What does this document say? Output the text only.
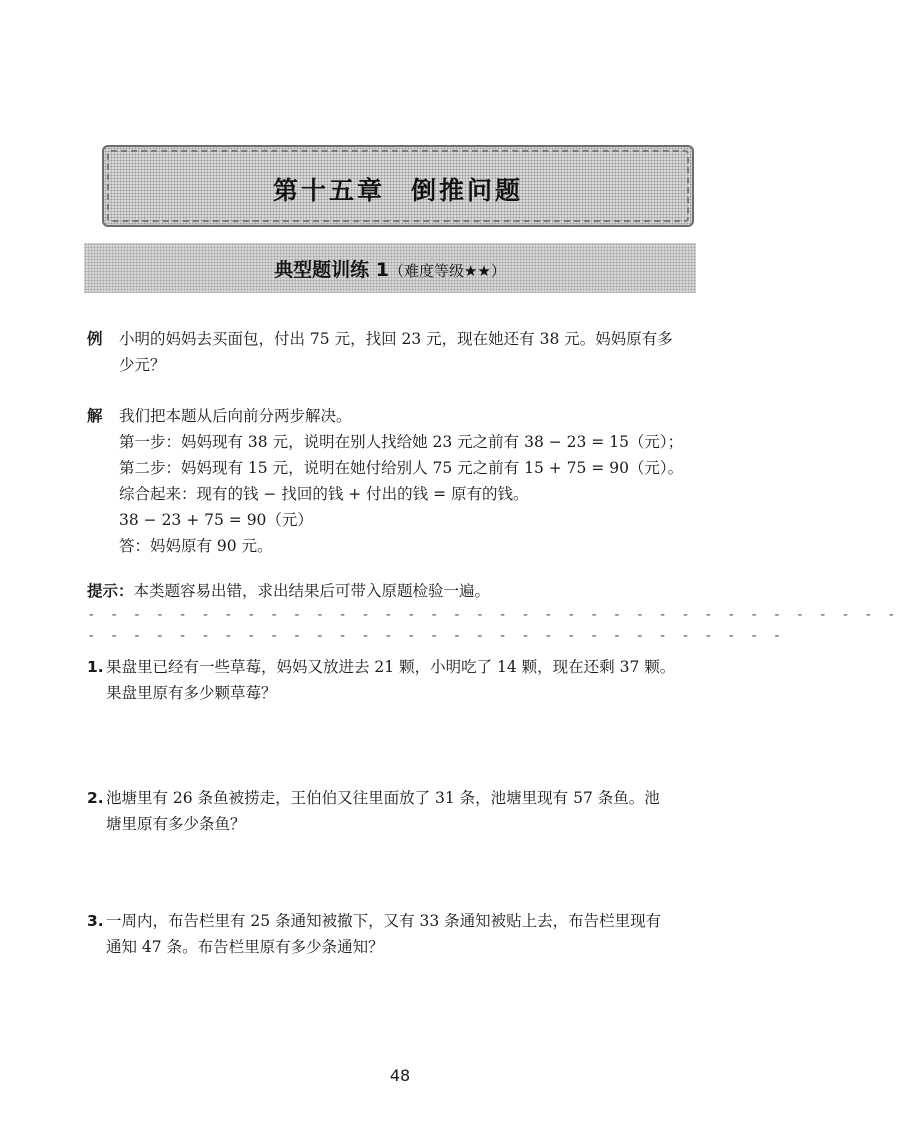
第十五章 倒推问题
典型题训练 1（难度等级★★）
例 小明的妈妈去买面包，付出 75 元，找回 23 元，现在她还有 38 元。妈妈原有多
少元？
解 我们把本题从后向前分两步解决。
第一步：妈妈现有 38 元，说明在别人找给她 23 元之前有 38 − 23 = 15（元）；
第二步：妈妈现有 15 元，说明在她付给别人 75 元之前有 15 + 75 = 90（元）。
综合起来：现有的钱 − 找回的钱 + 付出的钱 = 原有的钱。
38 − 23 + 75 = 90（元）
答：妈妈原有 90 元。
提示：本类题容易出错，求出结果后可带入原题检验一遍。
- - - - - - - - - - - - - - - - - - - - - - - - - - - - - - - - - - - -
- - - - - - - - - - - - - - - - - - - - - - - - - - - - - - -
1. 果盘里已经有一些草莓，妈妈又放进去 21 颗，小明吃了 14 颗，现在还剩 37 颗。
果盘里原有多少颗草莓？
2. 池塘里有 26 条鱼被捞走，王伯伯又往里面放了 31 条，池塘里现有 57 条鱼。池
塘里原有多少条鱼？
3. 一周内，布告栏里有 25 条通知被撤下，又有 33 条通知被贴上去，布告栏里现有
通知 47 条。布告栏里原有多少条通知？
48
